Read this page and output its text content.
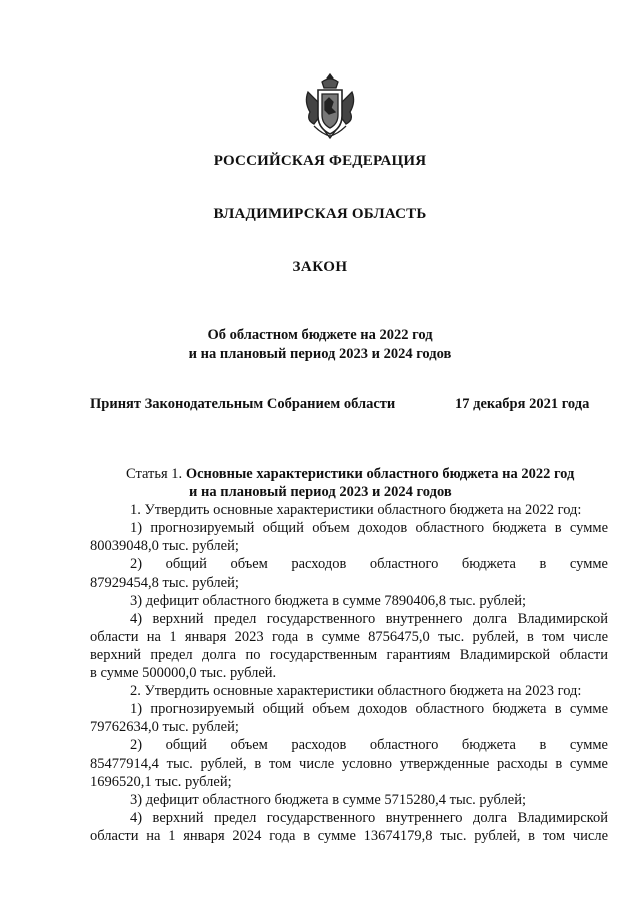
РОССИЙСКАЯ ФЕДЕРАЦИЯ
ВЛАДИМИРСКАЯ ОБЛАСТЬ
ЗАКОН
Об областном бюджете на 2022 год
и на плановый период 2023 и 2024 годов
Принят Законодательным Собранием области	17 декабря 2021 года
Статья 1. Основные характеристики областного бюджета на 2022 год
и на плановый период 2023 и 2024 годов
1. Утвердить основные характеристики областного бюджета на 2022 год:
1) прогнозируемый общий объем доходов областного бюджета в сумме
80039048,0 тыс. рублей;
2) общий объем расходов областного бюджета в сумме
87929454,8 тыс. рублей;
3) дефицит областного бюджета в сумме 7890406,8 тыс. рублей;
4) верхний предел государственного внутреннего долга Владимирской
области на 1 января 2023 года в сумме 8756475,0 тыс. рублей, в том числе
верхний предел долга по государственным гарантиям Владимирской области
в сумме 500000,0 тыс. рублей.
2. Утвердить основные характеристики областного бюджета на 2023 год:
1) прогнозируемый общий объем доходов областного бюджета в сумме
79762634,0 тыс. рублей;
2) общий объем расходов областного бюджета в сумме
85477914,4 тыс. рублей, в том числе условно утвержденные расходы в сумме
1696520,1 тыс. рублей;
3) дефицит областного бюджета в сумме 5715280,4 тыс. рублей;
4) верхний предел государственного внутреннего долга Владимирской
области на 1 января 2024 года в сумме 13674179,8 тыс. рублей, в том числе
